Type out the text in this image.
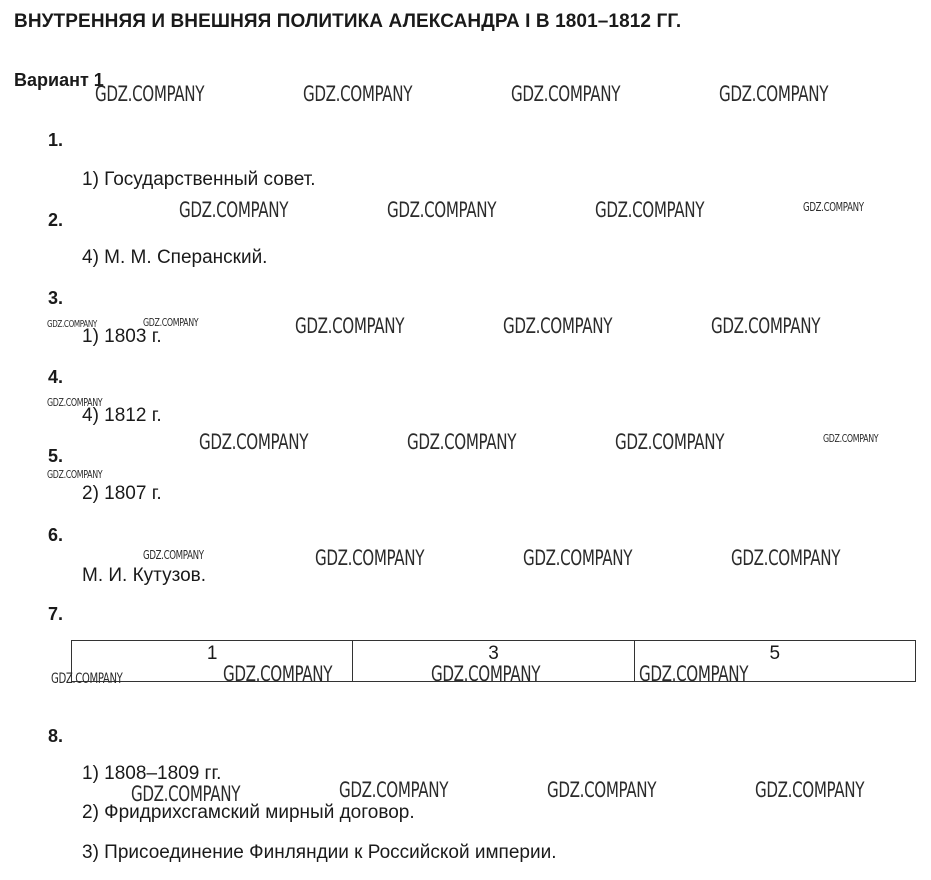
ВНУТРЕННЯЯ И ВНЕШНЯЯ ПОЛИТИКА АЛЕКСАНДРА I В 1801–1812 ГГ.
Вариант 1
1.
1) Государственный совет.
2.
4) М. М. Сперанский.
3.
1) 1803 г.
4.
4) 1812 г.
5.
2) 1807 г.
6.
М. И. Кутузов.
7.
1	3	5
8.
1) 1808–1809 гг.
2) Фридрихсгамский мирный договор.
3) Присоединение Финляндии к Российской империи.
GDZ.COMPANY	GDZ.COMPANY	GDZ.COMPANY	GDZ.COMPANY
GDZ.COMPANY	GDZ.COMPANY	GDZ.COMPANY	GDZ.COMPANY
GDZ.COMPANY	GDZ.COMPANY	GDZ.COMPANY	GDZ.COMPANY	GDZ.COMPANY
GDZ.COMPANY
GDZ.COMPANY	GDZ.COMPANY	GDZ.COMPANY	GDZ.COMPANY
GDZ.COMPANY
GDZ.COMPANY	GDZ.COMPANY	GDZ.COMPANY	GDZ.COMPANY
GDZ.COMPANY	GDZ.COMPANY	GDZ.COMPANY	GDZ.COMPANY
GDZ.COMPANY	GDZ.COMPANY	GDZ.COMPANY	GDZ.COMPANY
